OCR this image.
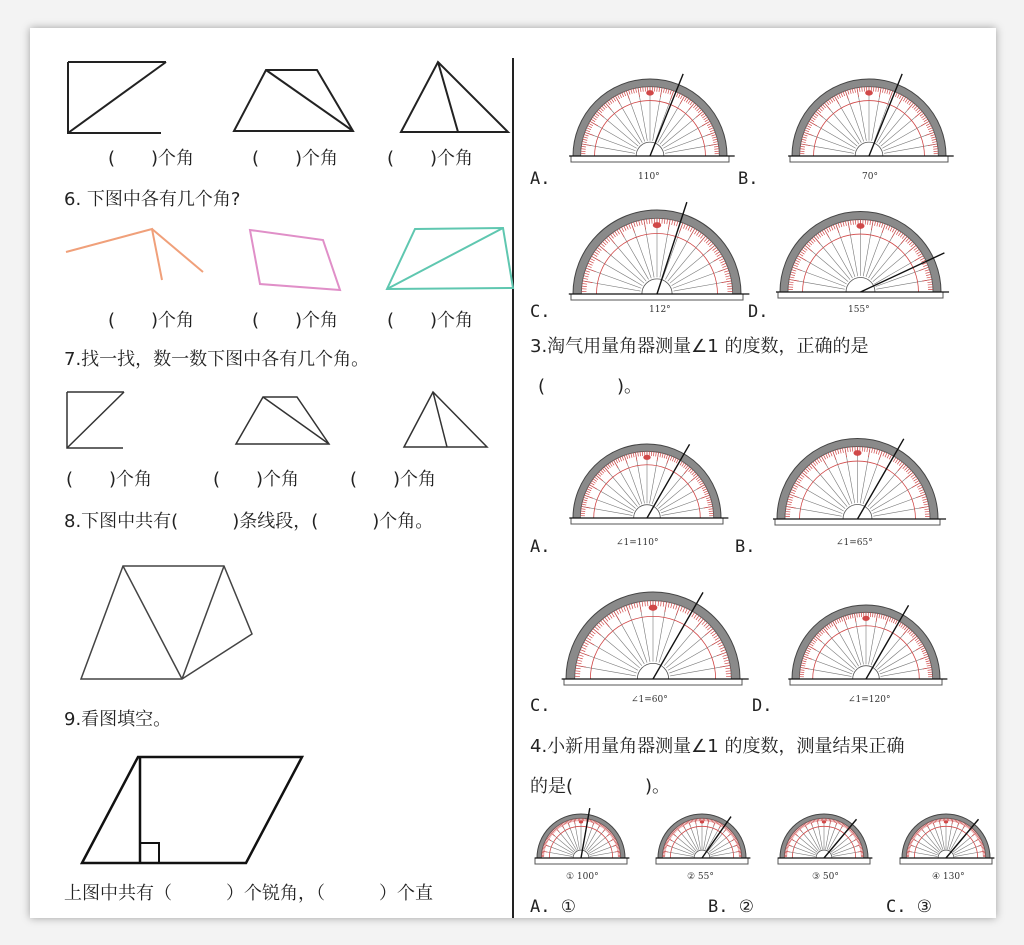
(　　)个角	(　　)个角	(　　)个角
6. 下图中各有几个角?
(　　)个角	(　　)个角	(　　)个角
7.找一找，数一数下图中各有几个角。
(　　)个角	(　　)个角	(　　)个角
8.下图中共有(　　　)条线段，(　　　)个角。
9.看图填空。
上图中共有（　　　）个锐角，（　　　）个直
110°	70°
A.	B.
112°	155°
C.	D.
3.淘气用量角器测量∠1 的度数，正确的是
(　　　　)。
∠1=110°	∠1=65°
A.	B.
∠1=60°	∠1=120°
C.	D.
4.小新用量角器测量∠1 的度数，测量结果正确
的是(　　　　)。
① 100°	② 55°	③ 50°	④ 130°
A. ①	B. ②	C. ③
